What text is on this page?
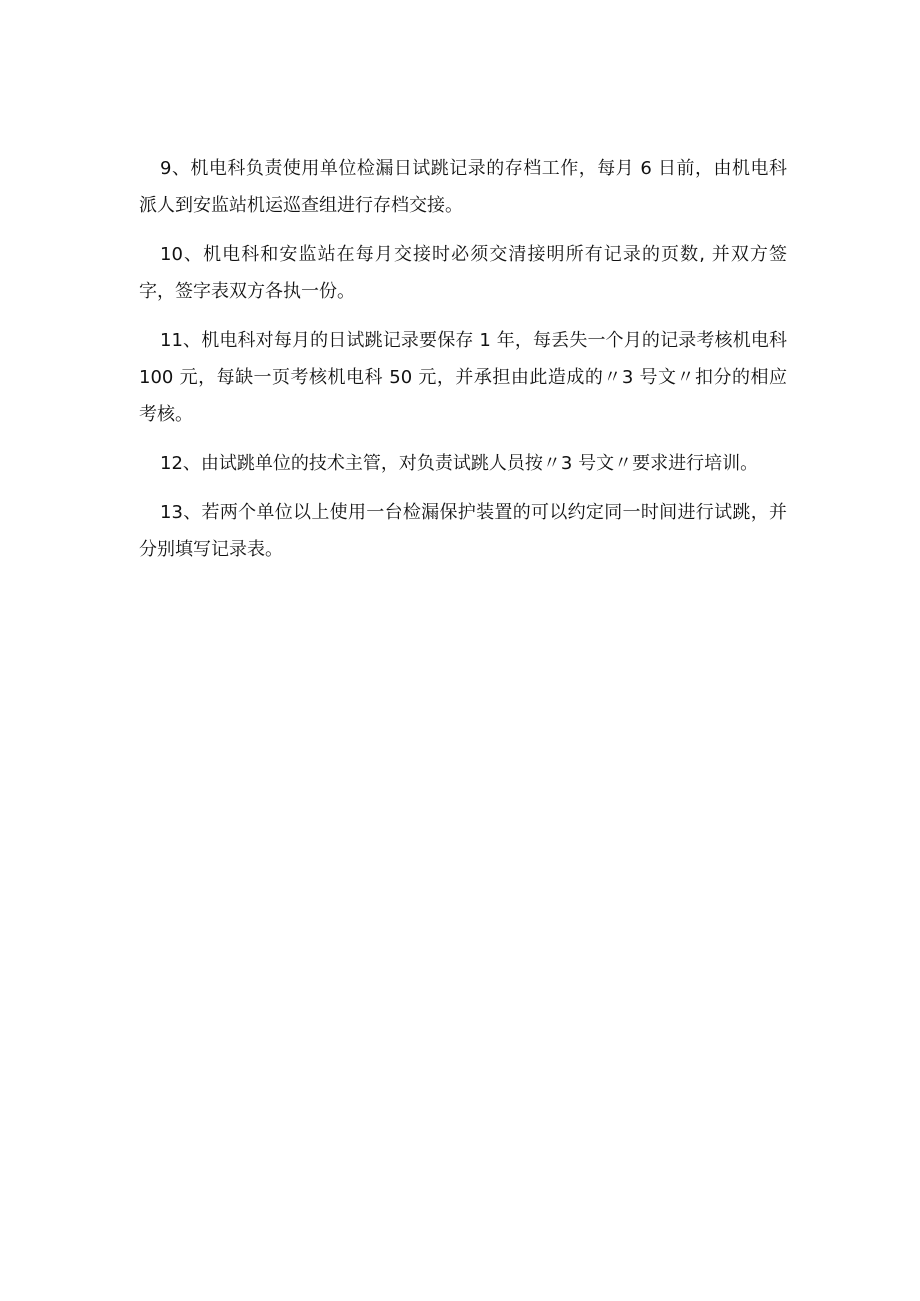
9、机电科负责使用单位检漏日试跳记录的存档工作，每月 6 日前，由机电科派人到安监站机运巡查组进行存档交接。

10、机电科和安监站在每月交接时必须交清接明所有记录的页数, 并双方签字，签字表双方各执一份。

11、机电科对每月的日试跳记录要保存 1 年，每丢失一个月的记录考核机电科 100 元，每缺一页考核机电科 50 元，并承担由此造成的〃3 号文〃扣分的相应考核。

12、由试跳单位的技术主管，对负责试跳人员按〃3 号文〃要求进行培训。

13、若两个单位以上使用一台检漏保护装置的可以约定同一时间进行试跳，并分别填写记录表。
